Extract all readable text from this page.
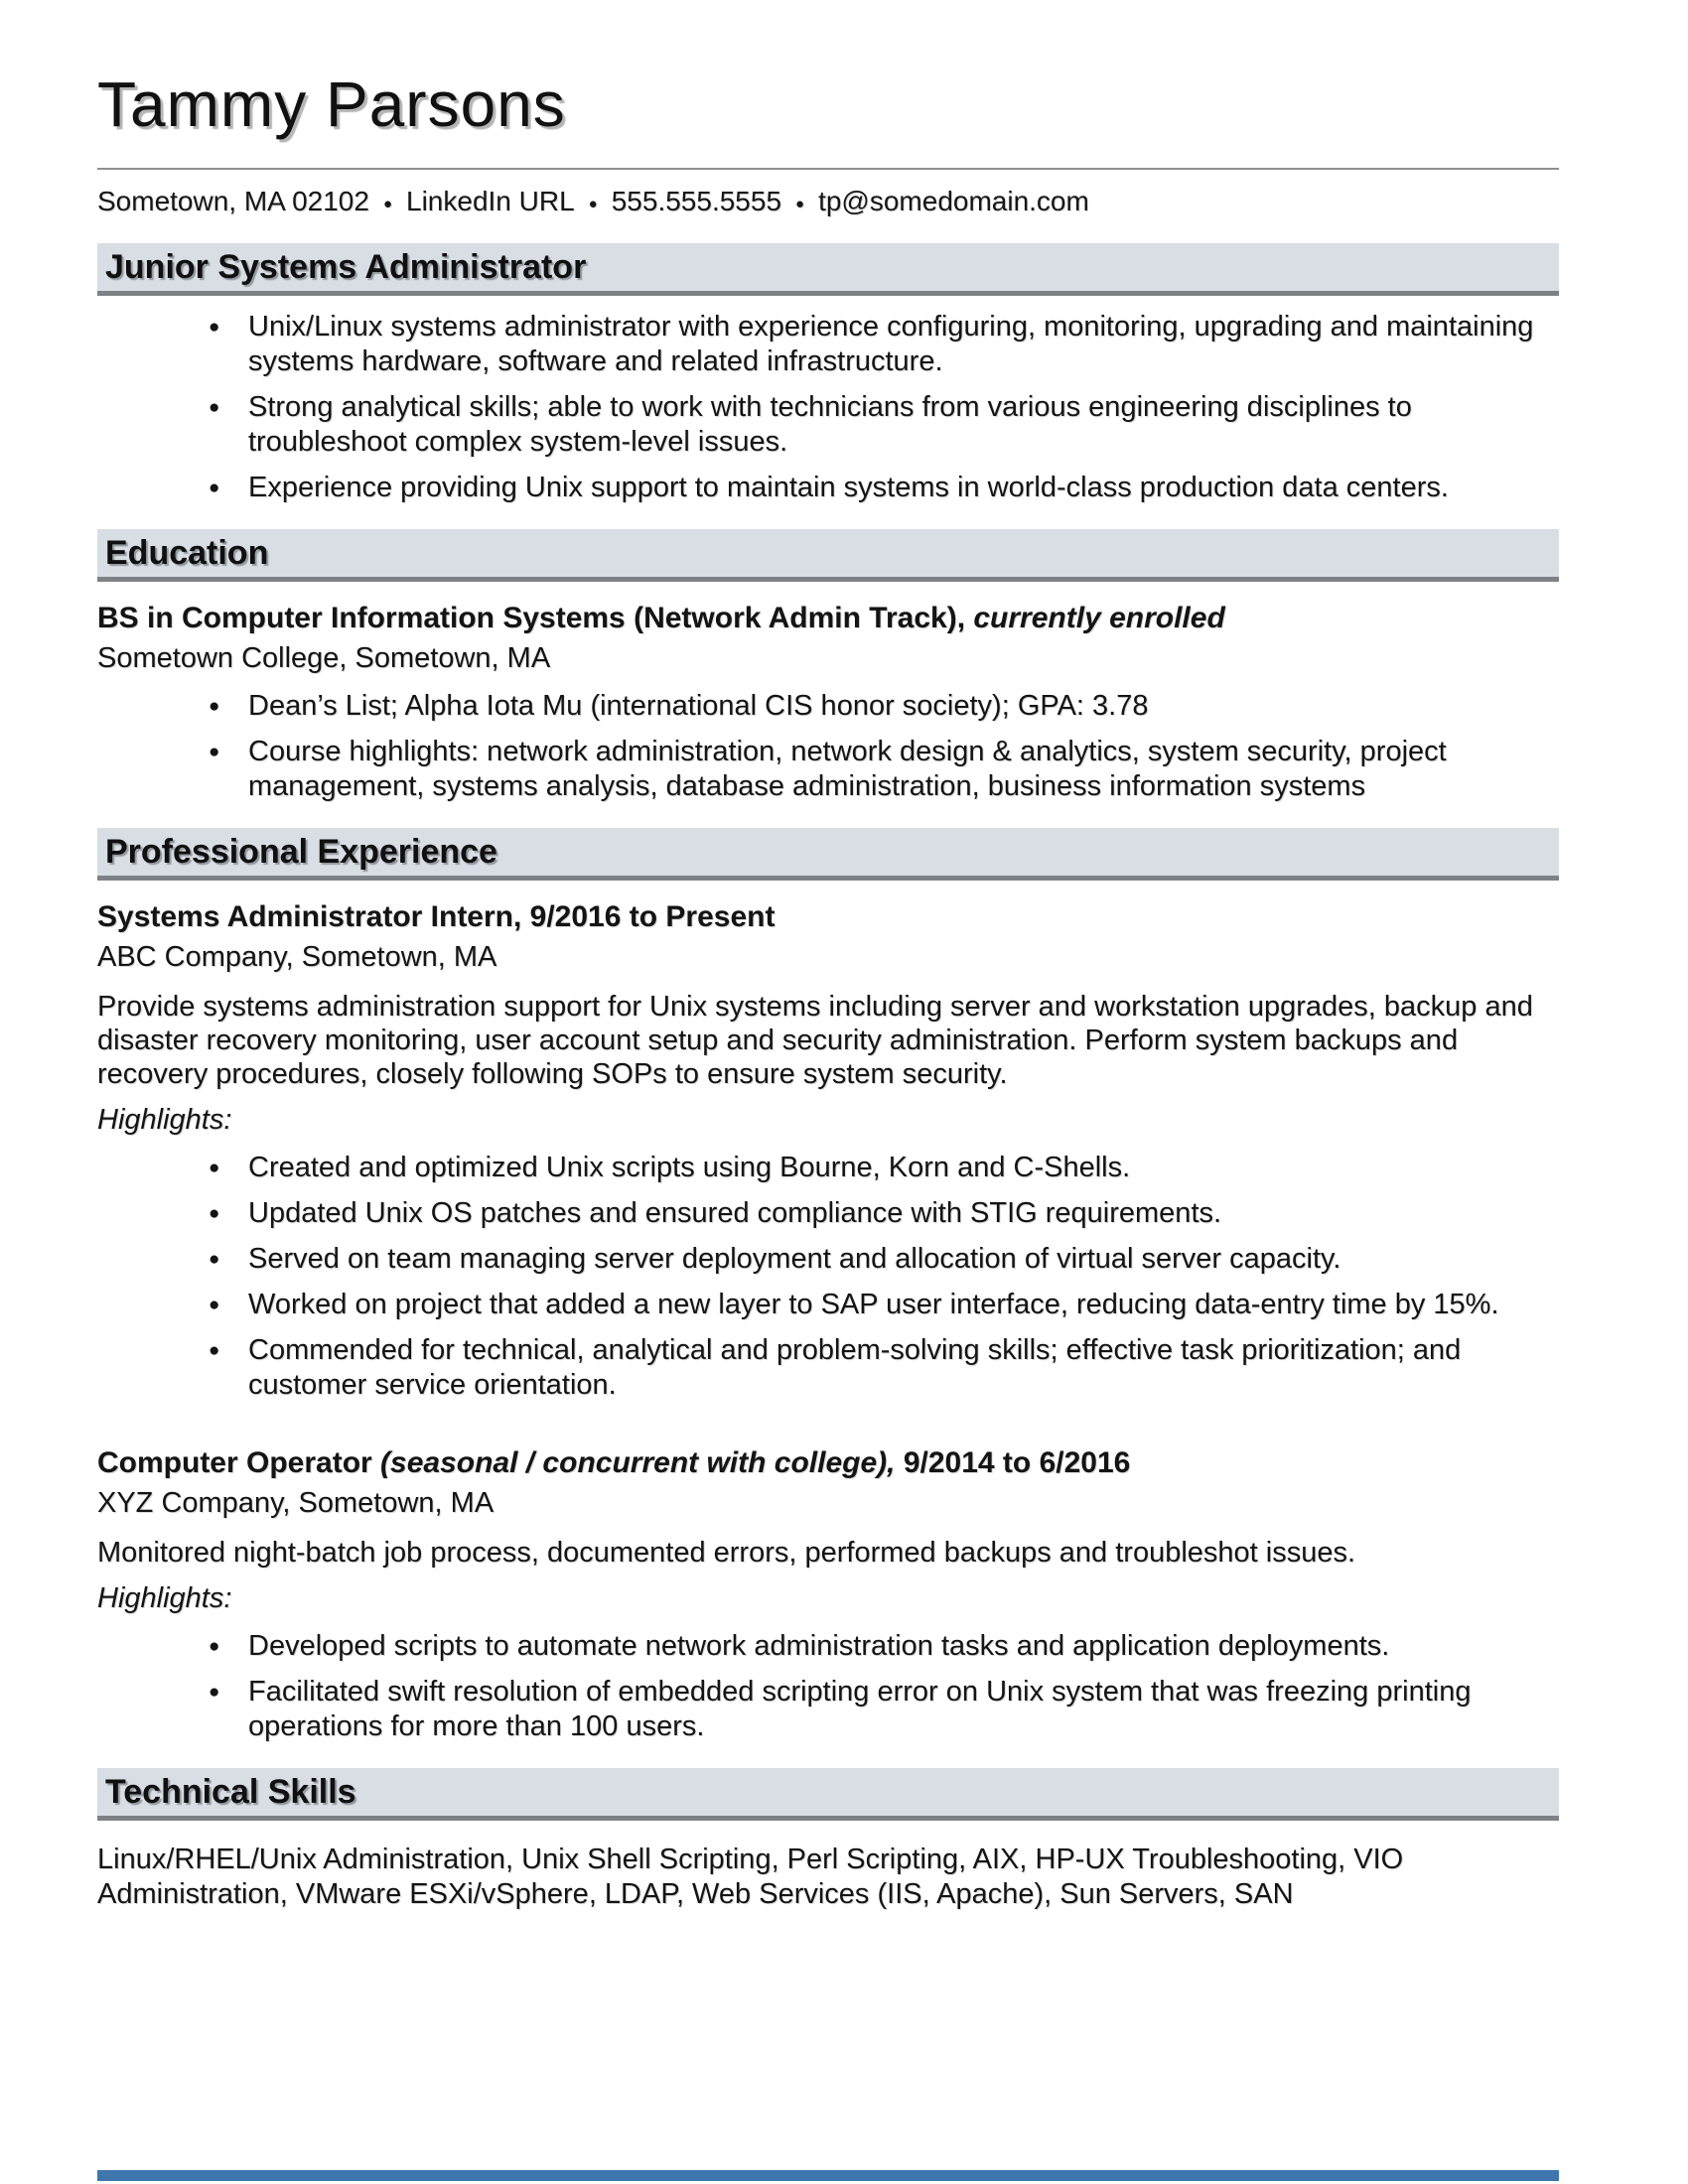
Tammy Parsons
Sometown, MA 02102 ● LinkedIn URL ● 555.555.5555 ● tp@somedomain.com
Junior Systems Administrator
● Unix/Linux systems administrator with experience configuring, monitoring, upgrading and maintaining systems hardware, software and related infrastructure.
● Strong analytical skills; able to work with technicians from various engineering disciplines to troubleshoot complex system-level issues.
● Experience providing Unix support to maintain systems in world-class production data centers.
Education

BS in Computer Information Systems (Network Admin Track), currently enrolled

Sometown College, Sometown, MA

● Dean’s List; Alpha Iota Mu (international CIS honor society); GPA: 3.78
● Course highlights: network administration, network design & analytics, system security, project management, systems analysis, database administration, business information systems
Professional Experience

Systems Administrator Intern, 9/2016 to Present

ABC Company, Sometown, MA

Provide systems administration support for Unix systems including server and workstation upgrades, backup and disaster recovery monitoring, user account setup and security administration. Perform system backups and recovery procedures, closely following SOPs to ensure system security.

Highlights:

● Created and optimized Unix scripts using Bourne, Korn and C-Shells.
● Updated Unix OS patches and ensured compliance with STIG requirements.
● Served on team managing server deployment and allocation of virtual server capacity.
● Worked on project that added a new layer to SAP user interface, reducing data-entry time by 15%.
● Commended for technical, analytical and problem-solving skills; effective task prioritization; and customer service orientation.

Computer Operator (seasonal / concurrent with college), 9/2014 to 6/2016

XYZ Company, Sometown, MA

Monitored night-batch job process, documented errors, performed backups and troubleshot issues.

Highlights:

● Developed scripts to automate network administration tasks and application deployments.
● Facilitated swift resolution of embedded scripting error on Unix system that was freezing printing operations for more than 100 users.
Technical Skills

Linux/RHEL/Unix Administration, Unix Shell Scripting, Perl Scripting, AIX, HP-UX Troubleshooting, VIO Administration, VMware ESXi/vSphere, LDAP, Web Services (IIS, Apache), Sun Servers, SAN
